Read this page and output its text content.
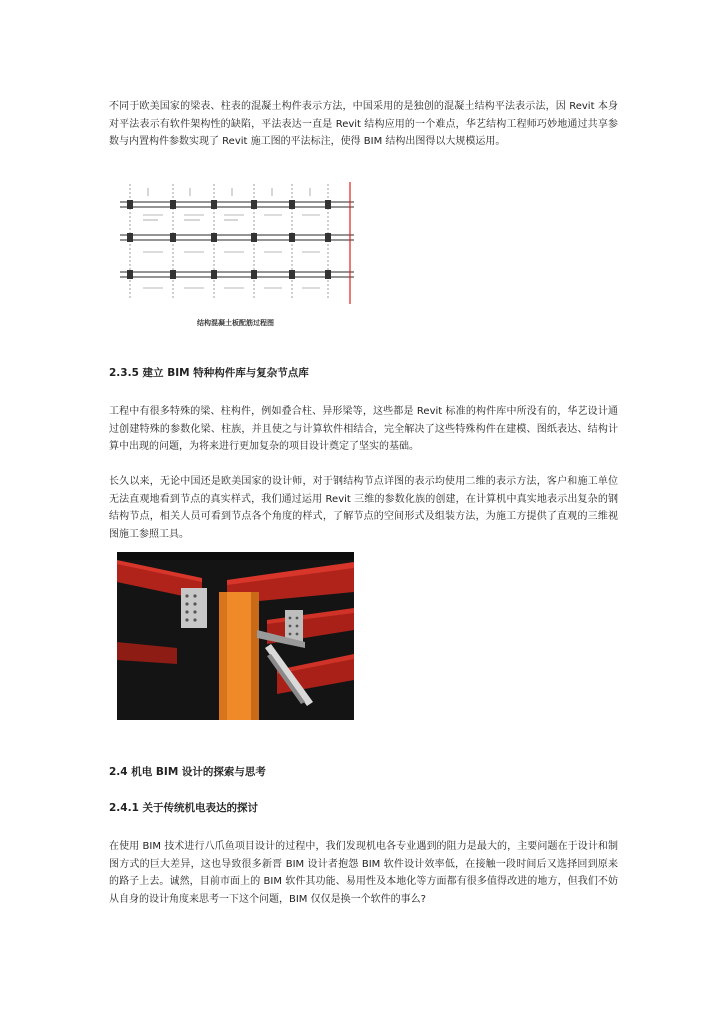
不同于欧美国家的梁表、柱表的混凝土构件表示方法，中国采用的是独创的混凝土结构平法表示法，因 Revit 本身对平法表示有软件架构性的缺陷，平法表达一直是 Revit 结构应用的一个难点，华艺结构工程师巧妙地通过共享参数与内置构件参数实现了 Revit 施工图的平法标注，使得 BIM 结构出图得以大规模运用。

结构混凝土板配筋过程图

2.3.5 建立 BIM 特种构件库与复杂节点库

工程中有很多特殊的梁、柱构件，例如叠合柱、异形梁等，这些都是 Revit 标准的构件库中所没有的，华艺设计通过创建特殊的参数化梁、柱族，并且使之与计算软件相结合，完全解决了这些特殊构件在建模、图纸表达、结构计算中出现的问题，为将来进行更加复杂的项目设计奠定了坚实的基础。

长久以来，无论中国还是欧美国家的设计师，对于钢结构节点详图的表示均使用二维的表示方法，客户和施工单位无法直观地看到节点的真实样式，我们通过运用 Revit 三维的参数化族的创建，在计算机中真实地表示出复杂的钢结构节点，相关人员可看到节点各个角度的样式，了解节点的空间形式及组装方法，为施工方提供了直观的三维视图施工参照工具。

2.4 机电 BIM 设计的探索与思考

2.4.1 关于传统机电表达的探讨

在使用 BIM 技术进行八爪鱼项目设计的过程中，我们发现机电各专业遇到的阻力是最大的，主要问题在于设计和制图方式的巨大差异，这也导致很多新晋 BIM 设计者抱怨 BIM 软件设计效率低，在接触一段时间后又选择回到原来的路子上去。诚然，目前市面上的 BIM 软件其功能、易用性及本地化等方面都有很多值得改进的地方，但我们不妨从自身的设计角度来思考一下这个问题，BIM 仅仅是换一个软件的事么?
